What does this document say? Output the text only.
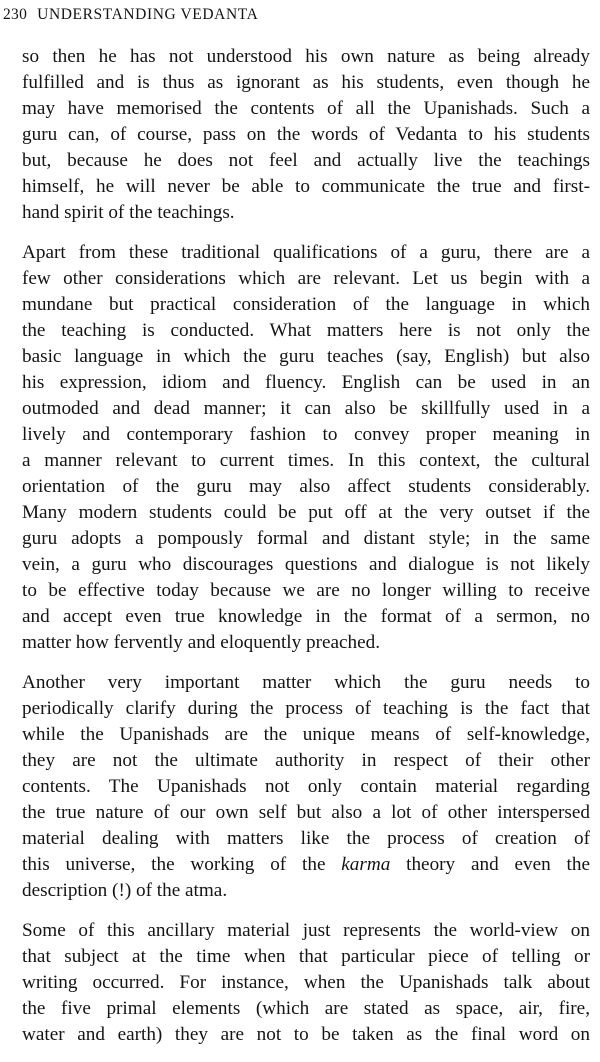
230 UNDERSTANDING VEDANTA

so then he has not understood his own nature as being already
fulfilled and is thus as ignorant as his students, even though he
may have memorised the contents of all the Upanishads. Such a
guru can, of course, pass on the words of Vedanta to his students
but, because he does not feel and actually live the teachings
himself, he will never be able to communicate the true and first-
hand spirit of the teachings.

Apart from these traditional qualifications of a guru, there are a
few other considerations which are relevant. Let us begin with a
mundane but practical consideration of the language in which
the teaching is conducted. What matters here is not only the
basic language in which the guru teaches (say, English) but also
his expression, idiom and fluency. English can be used in an
outmoded and dead manner; it can also be skillfully used in a
lively and contemporary fashion to convey proper meaning in
a manner relevant to current times. In this context, the cultural
orientation of the guru may also affect students considerably.
Many modern students could be put off at the very outset if the
guru adopts a pompously formal and distant style; in the same
vein, a guru who discourages questions and dialogue is not likely
to be effective today because we are no longer willing to receive
and accept even true knowledge in the format of a sermon, no
matter how fervently and eloquently preached.

Another very important matter which the guru needs to
periodically clarify during the process of teaching is the fact that
while the Upanishads are the unique means of self-knowledge,
they are not the ultimate authority in respect of their other
contents. The Upanishads not only contain material regarding
the true nature of our own self but also a lot of other interspersed
material dealing with matters like the process of creation of
this universe, the working of the karma theory and even the
description (!) of the atma.

Some of this ancillary material just represents the world-view on
that subject at the time when that particular piece of telling or
writing occurred. For instance, when the Upanishads talk about
the five primal elements (which are stated as space, air, fire,
water and earth) they are not to be taken as the final word on
